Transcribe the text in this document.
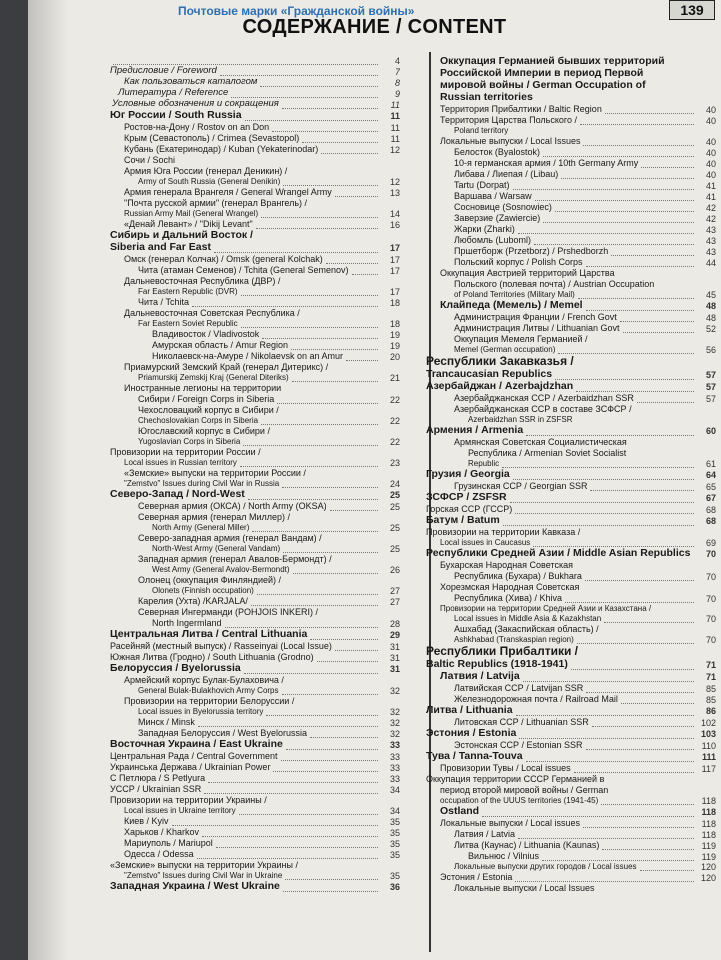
Почтовые марки «Гражданской войны»	139
СОДЕРЖАНИЕ / CONTENT
4
Предисловие / Foreword	7
Как пользоваться каталогом	8
Литература / Reference	9
Условные обозначения и сокращения	11
Юг России / South Russia	11
Ростов-на-Дону / Rostov on an Don	11
Крым (Севастополь) / Crimea (Sevastopol)	11
Кубань (Екатеринодар) / Kuban (Yekaterinodar)	12
Сочи / Sochi
Армия Юга России (генерал Деникин) /
Army of South Russia (General Denikin)	12
Армия генерала Врангеля / General Wrangel Army	13
"Почта русской армии" (генерал Врангель) /
Russian Army Mail (General Wrangel)	14
«Денай Левант» / "Dikij Levant"	16
Сибирь и Дальний Восток /
Siberia and Far East	17
Омск (генерал Колчак) / Omsk (general Kolchak)	17
Чита (атаман Семенов) / Tchita (General Semenov)	17
Дальневосточная Республика (ДВР) /
Far Eastern Republic (DVR)	17
Чита / Tchita	18
Дальневосточная Советская Республика /
Far Eastern Soviet Republic	18
Владивосток / Vladivostok	19
Амурская область / Amur Region	19
Николаевск-на-Амуре / Nikolaevsk on an Amur	20
Приамурский Земский Край (генерал Дитерикс) /
Priamurskij Zemskij Kraj (General Diteriks)	21
Иностранные легионы на территории
Сибири / Foreign Corps in Siberia	22
Чехословацкий корпус в Сибири /
Chechoslovakian Corps in Siberia	22
Югославский корпус в Сибири /
Yugoslavian Corps in Siberia	22
Провизории на территории России /
Local issues in Russian territory	23
«Земские» выпуски на территории России /
"Zemstvo" Issues during Civil War in Russia	24
Северо-Запад / Nord-West	25
Северная армия (ОКСА) / North Army (OKSA)	25
Северная армия (генерал Миллер) /
North Army (General Miller)	25
Северо-западная армия (генерал Вандам) /
North-West Army (General Vandam)	25
Западная армия (генерал Авалов-Бермондт) /
West Army (General Avalov-Bermondt)	26
Олонец (оккупация Финляндией) /
Olonets (Finnish occupation)	27
Карелия (Ухта) /KARJALA/	27
Северная Ингерманди (POHJOIS INKERI) /
North Ingermland	28
Центральная Литва / Central Lithuania	29
Расейняй (местный выпуск) / Rasseinyai (Local Issue)	31
Южная Литва (Гродно) / South Lithuania (Grodno)	31
Белоруссия / Byelorussia	31
Армейский корпус Булак-Булаховича /
General Bulak-Bulakhovich Army Corps	32
Провизории на территории Белоруссии /
Local issues in Byelorussia territory	32
Минск / Minsk	32
Западная Белоруссия / West Byelorussia	32
Восточная Украина / East Ukraine	33
Центральная Рада / Central Government	33
Украинська Держава / Ukrainian Power	33
С Петлюра / S Petlyura	33
УССР / Ukrainian SSR	34
Провизории на территории Украины /
Local issues in Ukraine territory	34
Киев / Kyiv	35
Харьков / Kharkov	35
Мариуполь / Mariupol	35
Одесса / Odessa	35
«Земские» выпуски на территории Украины /
"Zemstvo" Issues during Civil War in Ukraine	35
Западная Украина / West Ukraine	36
Оккупация Германией бывших территорий
Российской Империи в период Первой
мировой войны / German Occupation of
Russian territories
Территория Прибалтики / Baltic Region	40
Территория Царства Польского /	40
Poland territory
Локальные выпуски / Local Issues	40
Белосток (Byalostok)	40
10-я германская армия / 10th Germany Army	40
Либава / Лиепая / (Libau)	40
Tartu (Dorpat)	41
Варшава / Warsaw	41
Сосновице (Sosnowiec)	42
Заверзие (Zawiercie)	42
Жарки (Zharki)	43
Любомль (Luboml)	43
Пршетборж (Przetborz) / Prshedborzh	43
Польский корпус / Polish Corps	44
Оккупация Австрией территорий Царства
Польского (полевая почта) / Austrian Occupation
of Poland Territories (Military Mail)	45
Клайпеда (Мемель) / Memel	48
Администрация Франции / French Govt	48
Администрация Литвы / Lithuanian Govt	52
Оккупация Мемеля Германией /
Memel (German occupation)	56
Республики Закавказья /
Trancaucasian Republics	57
Азербайджан / Azerbajdzhan	57
Азербайджанская ССР / Azerbaidzhan SSR	57
Азербайджанская ССР в составе ЗСФСР /
Azerbaidzhan SSR in ZSFSR
Армения / Armenia	60
Армянская Советская Социалистическая
Республика / Armenian Soviet Socialist
Republic	61
Грузия / Georgia	64
Грузинская ССР / Georgian SSR	65
ЗСФСР / ZSFSR	67
Горская ССР (ГССР)	68
Батум / Batum	68
Провизории на территории Кавказа /
Local issues in Caucasus	69
Республики Средней Азии / Middle Asian Republics 70
Бухарская Народная Советская
Республика (Бухара) / Bukhara	70
Хорезмская Народная Советская
Республика (Хива) / Khiva	70
Провизории на территории Средней Азии и Казахстана /
Local issues in Middle Asia & Kazakhstan	70
Ашхабад (Закаспийская область) /
Ashkhabad (Transkaspian region)	70
Республики Прибалтики /
Baltic Republics (1918-1941)	71
Латвия / Latvija	71
Латвийская ССР / Latvijan SSR	85
Железнодорожная почта / Railroad Mail	85
Литва / Lithuania	86
Литовская ССР / Lithuanian SSR	102
Эстония / Estonia	103
Эстонская ССР / Estonian SSR	110
Тува / Tanna-Touva	111
Провизории Тувы / Local issues	117
Оккупация территории СССР Германией в
период второй мировой войны / German
occupation of the UUUS territories (1941-45)	118
Ostland	118
Локальные выпуски / Local issues	118
Латвия / Latvia	118
Литва (Каунас) / Lithuania (Kaunas)	119
Вильнюс / Vilnius	119
Локальные выпуски других городов / Local issues	120
Эстония / Estonia	120
Локальные выпуски / Local Issues
